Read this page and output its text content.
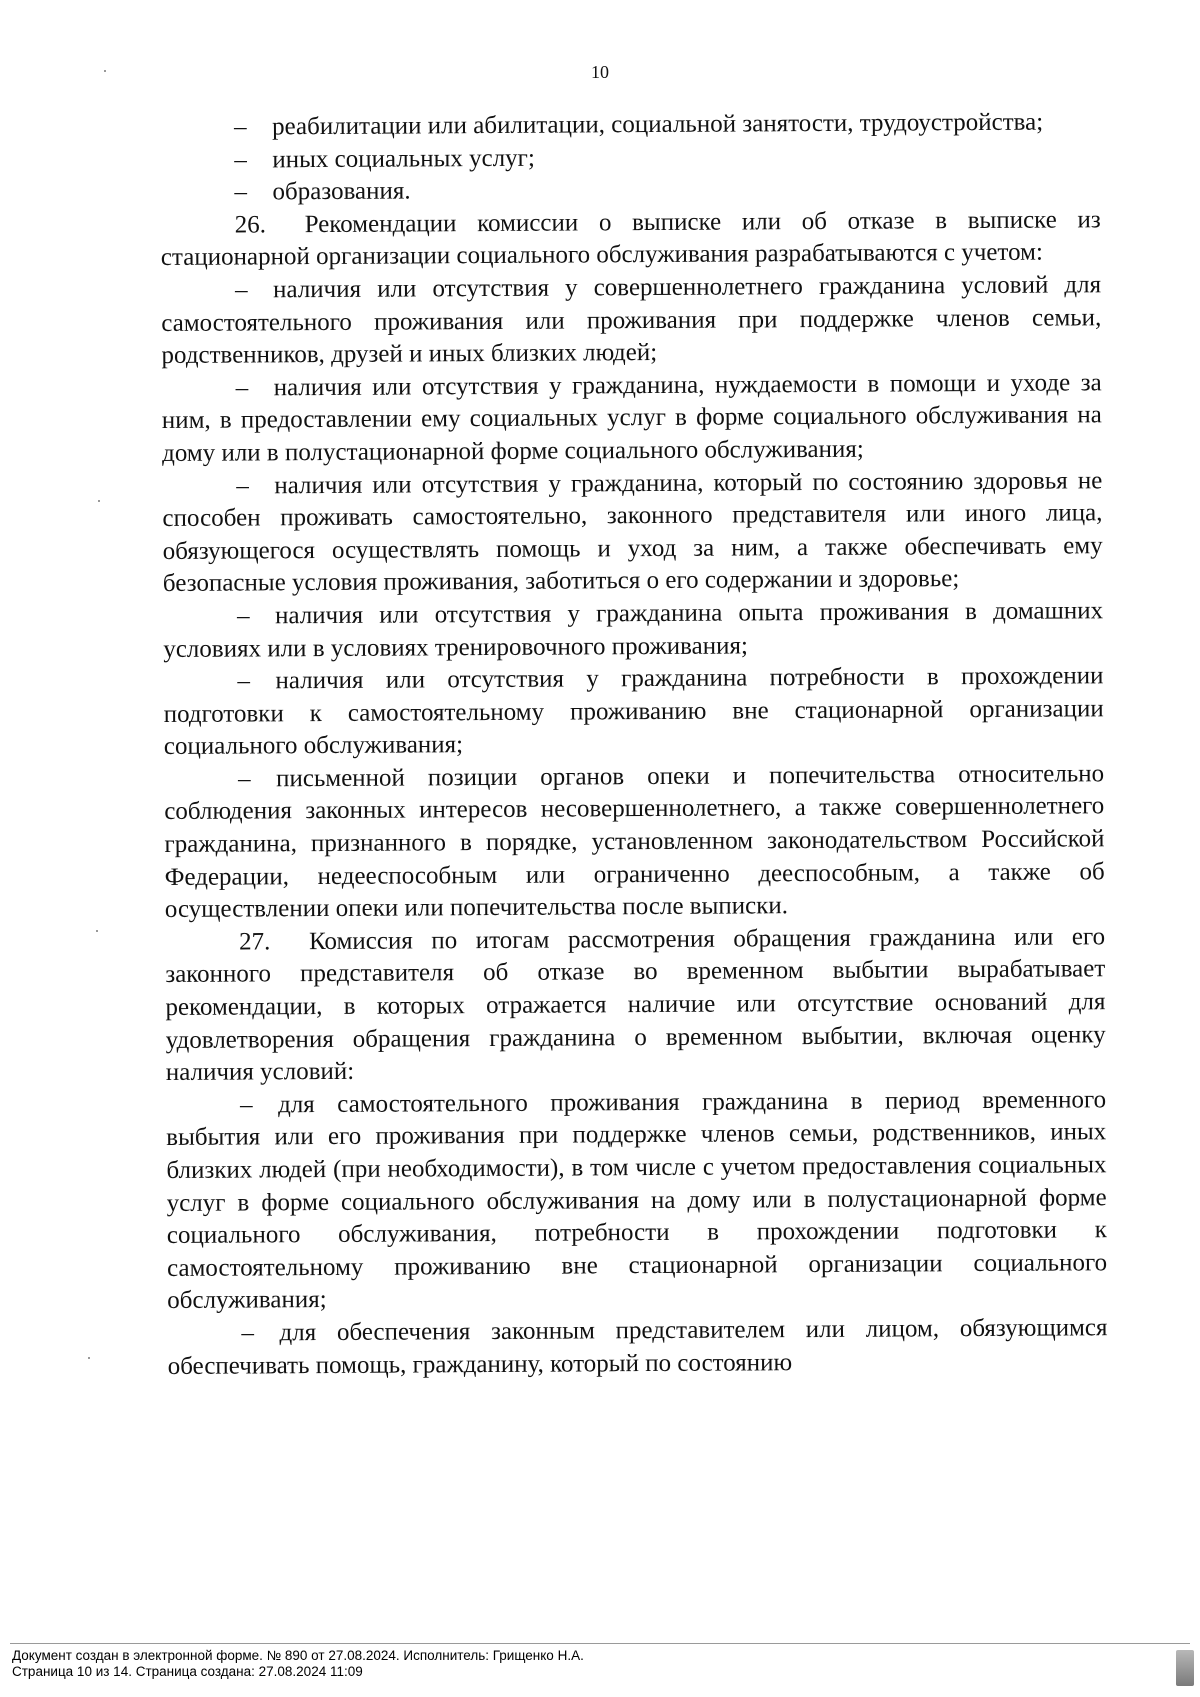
10

– реабилитации или абилитации, социальной занятости, трудоустройства;

– иных социальных услуг;

– образования.

26. Рекомендации комиссии о выписке или об отказе в выписке из стационарной организации социального обслуживания разрабатываются с учетом:

– наличия или отсутствия у совершеннолетнего гражданина условий для самостоятельного проживания или проживания при поддержке членов семьи, родственников, друзей и иных близких людей;

– наличия или отсутствия у гражданина, нуждаемости в помощи и уходе за ним, в предоставлении ему социальных услуг в форме социального обслуживания на дому или в полустационарной форме социального обслуживания;

– наличия или отсутствия у гражданина, который по состоянию здоровья не способен проживать самостоятельно, законного представителя или иного лица, обязующегося осуществлять помощь и уход за ним, а также обеспечивать ему безопасные условия проживания, заботиться о его содержании и здоровье;

– наличия или отсутствия у гражданина опыта проживания в домашних условиях или в условиях тренировочного проживания;

– наличия или отсутствия у гражданина потребности в прохождении подготовки к самостоятельному проживанию вне стационарной организации социального обслуживания;

– письменной позиции органов опеки и попечительства относительно соблюдения законных интересов несовершеннолетнего, а также совершеннолетнего гражданина, признанного в порядке, установленном законодательством Российской Федерации, недееспособным или ограниченно дееспособным, а также об осуществлении опеки или попечительства после выписки.

27. Комиссия по итогам рассмотрения обращения гражданина или его законного представителя об отказе во временном выбытии вырабатывает рекомендации, в которых отражается наличие или отсутствие оснований для удовлетворения обращения гражданина о временном выбытии, включая оценку наличия условий:

– для самостоятельного проживания гражданина в период временного выбытия или его проживания при поддержке членов семьи, родственников, иных близких людей (при необходимости), в том числе с учетом предоставления социальных услуг в форме социального обслуживания на дому или в полустационарной форме социального обслуживания, потребности в прохождении подготовки к самостоятельному проживанию вне стационарной организации социального обслуживания;

– для обеспечения законным представителем или лицом, обязующимся обеспечивать помощь, гражданину, который по состоянию

Документ создан в электронной форме. № 890 от 27.08.2024. Исполнитель: Грищенко Н.А.
Страница 10 из 14. Страница создана: 27.08.2024 11:09
